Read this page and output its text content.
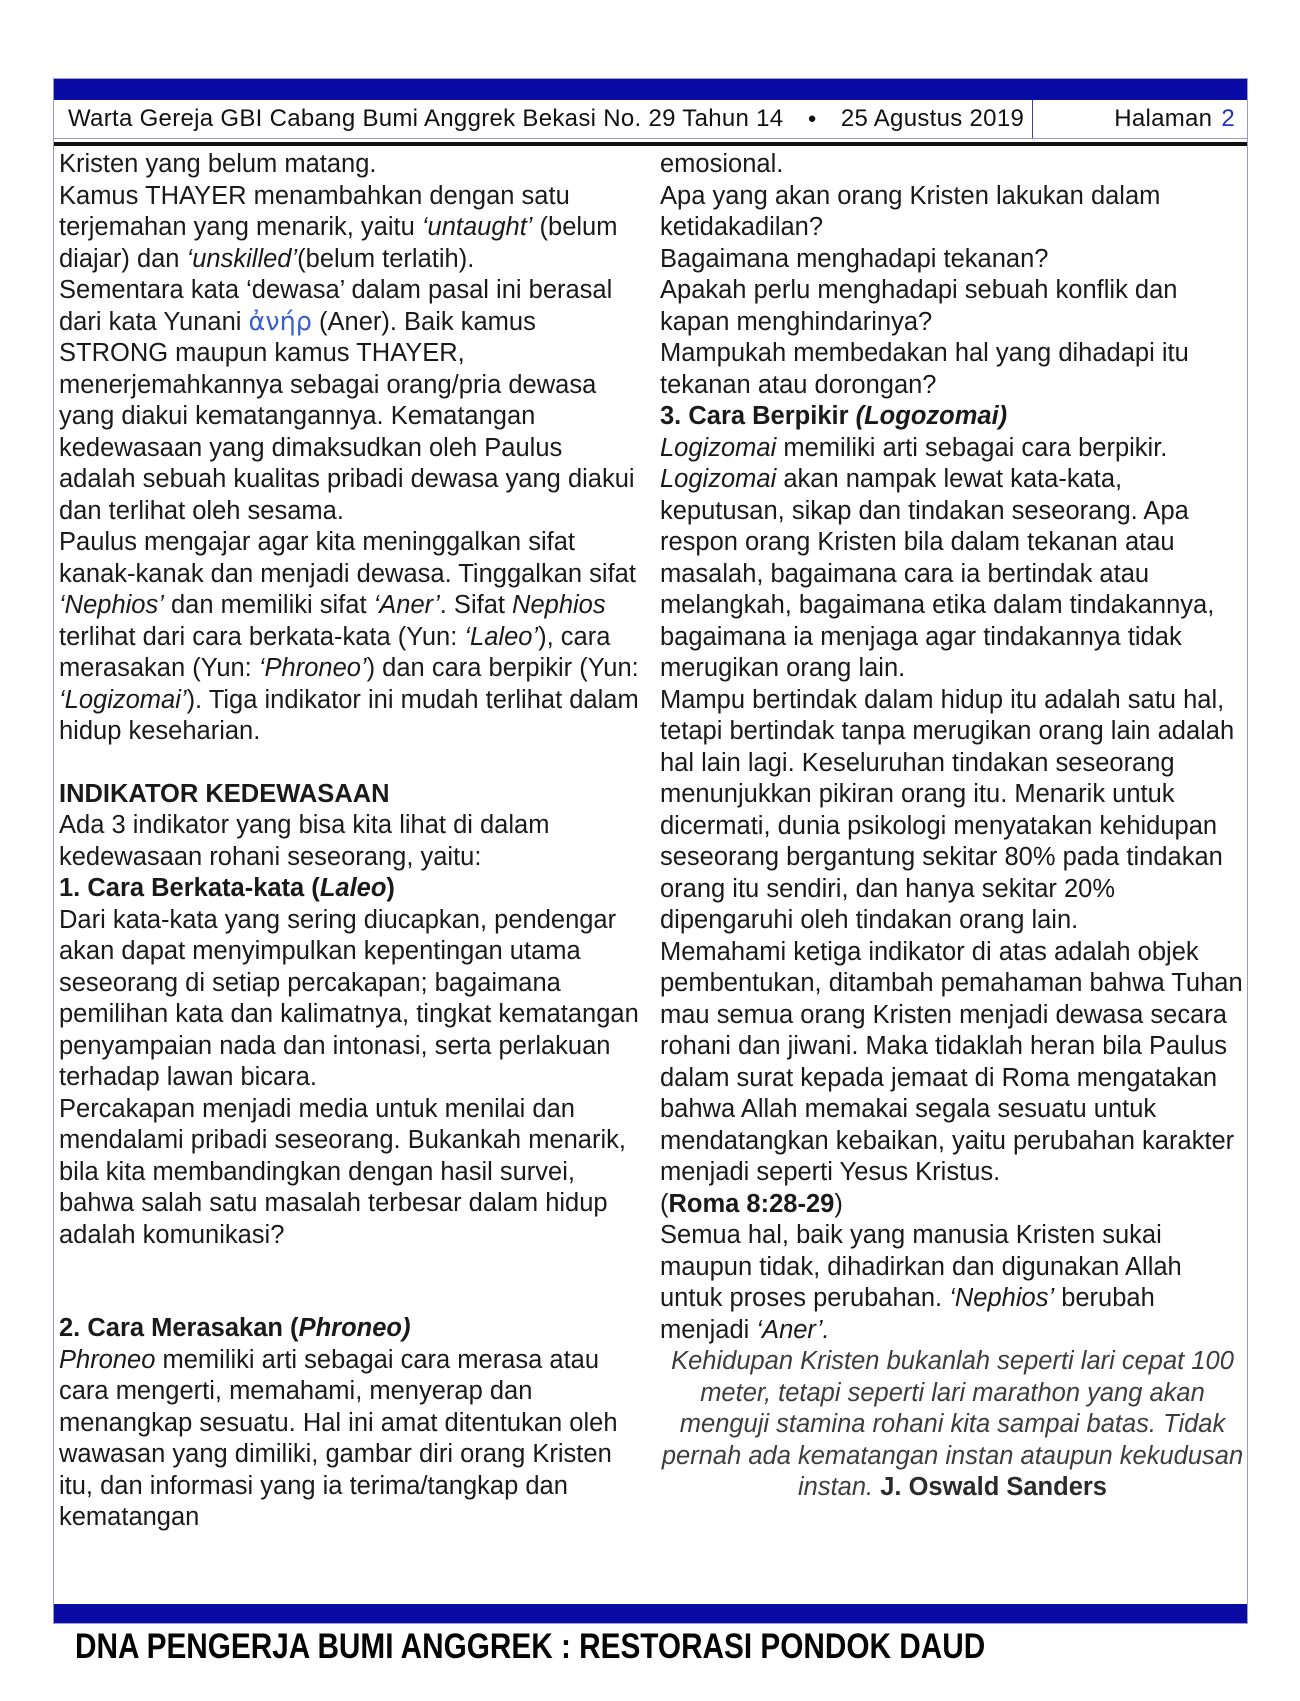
Warta Gereja GBI Cabang Bumi Anggrek Bekasi No. 29 Tahun 14 ● 25 Agustus 2019	Halaman 2

Kristen yang belum matang.

Kamus THAYER menambahkan dengan satu terjemahan yang menarik, yaitu ‘untaught’ (belum diajar) dan ‘unskilled’(belum terlatih).

Sementara kata ‘dewasa’ dalam pasal ini berasal dari kata Yunani ἀνήρ (Aner). Baik kamus STRONG maupun kamus THAYER, menerjemahkannya sebagai orang/pria dewasa yang diakui kematangannya. Kematangan kedewasaan yang dimaksudkan oleh Paulus adalah sebuah kualitas pribadi dewasa yang diakui dan terlihat oleh sesama.

Paulus mengajar agar kita meninggalkan sifat kanak-kanak dan menjadi dewasa. Tinggalkan sifat ‘Nephios’ dan memiliki sifat ‘Aner’. Sifat Nephios terlihat dari cara berkata-kata (Yun: ‘Laleo’), cara merasakan (Yun: ‘Phroneo’) dan cara berpikir (Yun: ‘Logizomai’). Tiga indikator ini mudah terlihat dalam hidup keseharian.

INDIKATOR KEDEWASAAN

Ada 3 indikator yang bisa kita lihat di dalam kedewasaan rohani seseorang, yaitu:

1. Cara Berkata-kata (Laleo)

Dari kata-kata yang sering diucapkan, pendengar akan dapat menyimpulkan kepentingan utama seseorang di setiap percakapan; bagaimana pemilihan kata dan kalimatnya, tingkat kematangan penyampaian nada dan intonasi, serta perlakuan terhadap lawan bicara.

Percakapan menjadi media untuk menilai dan mendalami pribadi seseorang. Bukankah menarik, bila kita membandingkan dengan hasil survei, bahwa salah satu masalah terbesar dalam hidup adalah komunikasi?

2. Cara Merasakan (Phroneo)

Phroneo memiliki arti sebagai cara merasa atau cara mengerti, memahami, menyerap dan menangkap sesuatu. Hal ini amat ditentukan oleh wawasan yang dimiliki, gambar diri orang Kristen itu, dan informasi yang ia terima/tangkap dan kematangan

emosional.

Apa yang akan orang Kristen lakukan dalam ketidakadilan?

Bagaimana menghadapi tekanan?

Apakah perlu menghadapi sebuah konflik dan kapan menghindarinya?

Mampukah membedakan hal yang dihadapi itu tekanan atau dorongan?

3. Cara Berpikir (Logozomai)

Logizomai memiliki arti sebagai cara berpikir. Logizomai akan nampak lewat kata-kata, keputusan, sikap dan tindakan seseorang. Apa respon orang Kristen bila dalam tekanan atau masalah, bagaimana cara ia bertindak atau melangkah, bagaimana etika dalam tindakannya, bagaimana ia menjaga agar tindakannya tidak merugikan orang lain.

Mampu bertindak dalam hidup itu adalah satu hal, tetapi bertindak tanpa merugikan orang lain adalah hal lain lagi. Keseluruhan tindakan seseorang menunjukkan pikiran orang itu. Menarik untuk dicermati, dunia psikologi menyatakan kehidupan seseorang bergantung sekitar 80% pada tindakan orang itu sendiri, dan hanya sekitar 20% dipengaruhi oleh tindakan orang lain.

Memahami ketiga indikator di atas adalah objek pembentukan, ditambah pemahaman bahwa Tuhan mau semua orang Kristen menjadi dewasa secara rohani dan jiwani. Maka tidaklah heran bila Paulus dalam surat kepada jemaat di Roma mengatakan bahwa Allah memakai segala sesuatu untuk mendatangkan kebaikan, yaitu perubahan karakter menjadi seperti Yesus Kristus.

(Roma 8:28-29)

Semua hal, baik yang manusia Kristen sukai maupun tidak, dihadirkan dan digunakan Allah untuk proses perubahan. ‘Nephios’ berubah menjadi ‘Aner’.

Kehidupan Kristen bukanlah seperti lari cepat 100 meter, tetapi seperti lari marathon yang akan menguji stamina rohani kita sampai batas. Tidak pernah ada kematangan instan ataupun kekudusan instan. J. Oswald Sanders

DNA PENGERJA BUMI ANGGREK : RESTORASI PONDOK DAUD
